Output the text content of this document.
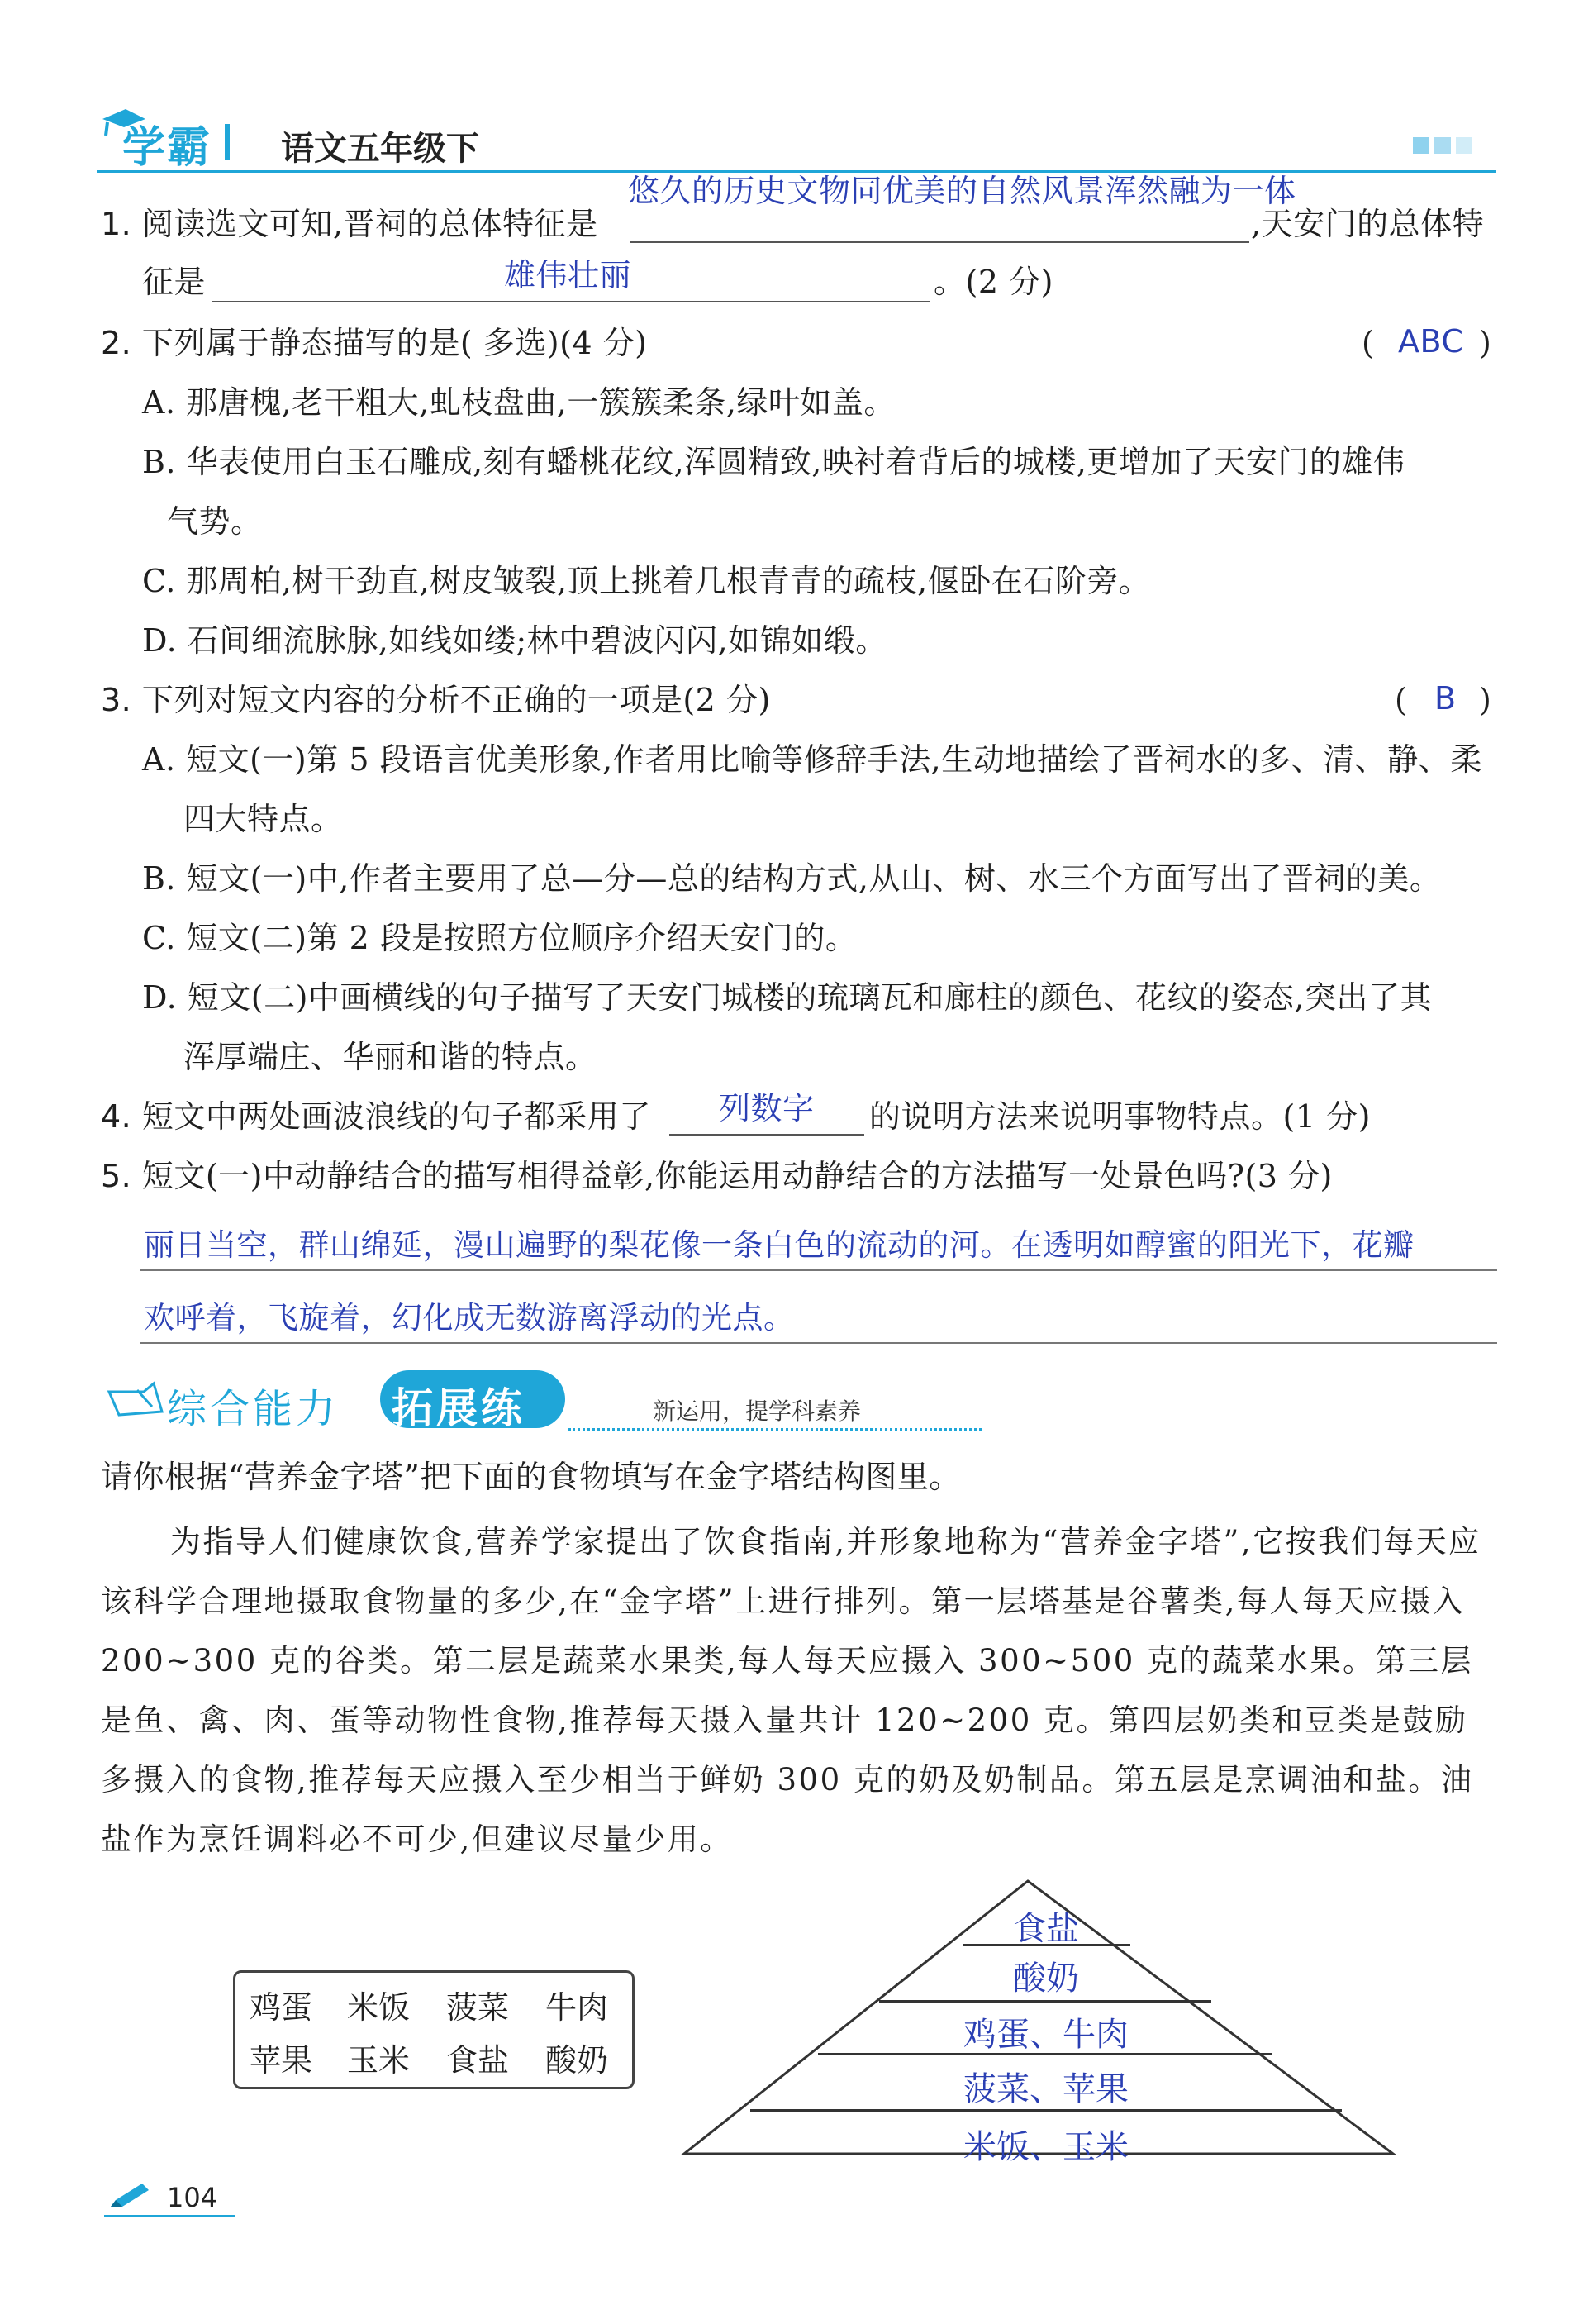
学霸 语文五年级下
悠久的历史文物同优美的自然风景浑然融为一体
1. 阅读选文可知,晋祠的总体特征是	,天安门的总体特
征是	雄伟壮丽	。(2 分)
2. 下列属于静态描写的是( 多选)(4 分)	( ABC )
A. 那唐槐,老干粗大,虬枝盘曲,一簇簇柔条,绿叶如盖。
B. 华表使用白玉石雕成,刻有蟠桃花纹,浑圆精致,映衬着背后的城楼,更增加了天安门的雄伟
气势。
C. 那周柏,树干劲直,树皮皱裂,顶上挑着几根青青的疏枝,偃卧在石阶旁。
D. 石间细流脉脉,如线如缕;林中碧波闪闪,如锦如缎。
3. 下列对短文内容的分析不正确的一项是(2 分)	( B )
A. 短文(一)第 5 段语言优美形象,作者用比喻等修辞手法,生动地描绘了晋祠水的多、清、静、柔
四大特点。
B. 短文(一)中,作者主要用了总—分—总的结构方式,从山、树、水三个方面写出了晋祠的美。
C. 短文(二)第 2 段是按照方位顺序介绍天安门的。
D. 短文(二)中画横线的句子描写了天安门城楼的琉璃瓦和廊柱的颜色、花纹的姿态,突出了其
浑厚端庄、华丽和谐的特点。
4. 短文中两处画波浪线的句子都采用了 列数字 的说明方法来说明事物特点。(1 分)
5. 短文(一)中动静结合的描写相得益彰,你能运用动静结合的方法描写一处景色吗?(3 分)
丽日当空，群山绵延，漫山遍野的梨花像一条白色的流动的河。在透明如醇蜜的阳光下，花瓣
欢呼着，飞旋着，幻化成无数游离浮动的光点。
综合能力 拓展练	新运用，提学科素养
请你根据“营养金字塔”把下面的食物填写在金字塔结构图里。
为指导人们健康饮食,营养学家提出了饮食指南,并形象地称为“营养金字塔”,它按我们每天应该科学合理地摄取食物量的多少,在“金字塔”上进行排列。第一层塔基是谷薯类,每人每天应摄入 200~300 克的谷类。第二层是蔬菜水果类,每人每天应摄入 300~500 克的蔬菜水果。第三层是鱼、禽、肉、蛋等动物性食物,推荐每天摄入量共计 120~200 克。第四层奶类和豆类是鼓励多摄入的食物,推荐每天应摄入至少相当于鲜奶 300 克的奶及奶制品。第五层是烹调油和盐。油盐作为烹饪调料必不可少,但建议尽量少用。
鸡蛋 米饭 菠菜 牛肉
苹果 玉米 食盐 酸奶
食盐
酸奶
鸡蛋、牛肉
菠菜、苹果
米饭、玉米
104
